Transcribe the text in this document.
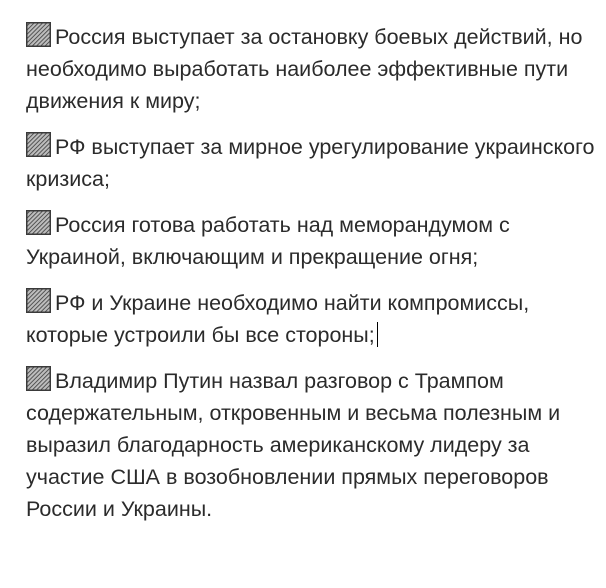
Россия выступает за остановку боевых действий, но необходимо выработать наиболее эффективные пути движения к миру;

РФ выступает за мирное урегулирование украинского кризиса;

Россия готова работать над меморандумом с Украиной, включающим и прекращение огня;

РФ и Украине необходимо найти компромиссы, которые устроили бы все стороны;

Владимир Путин назвал разговор с Трампом содержательным, откровенным и весьма полезным и выразил благодарность американскому лидеру за участие США в возобновлении прямых переговоров России и Украины.
